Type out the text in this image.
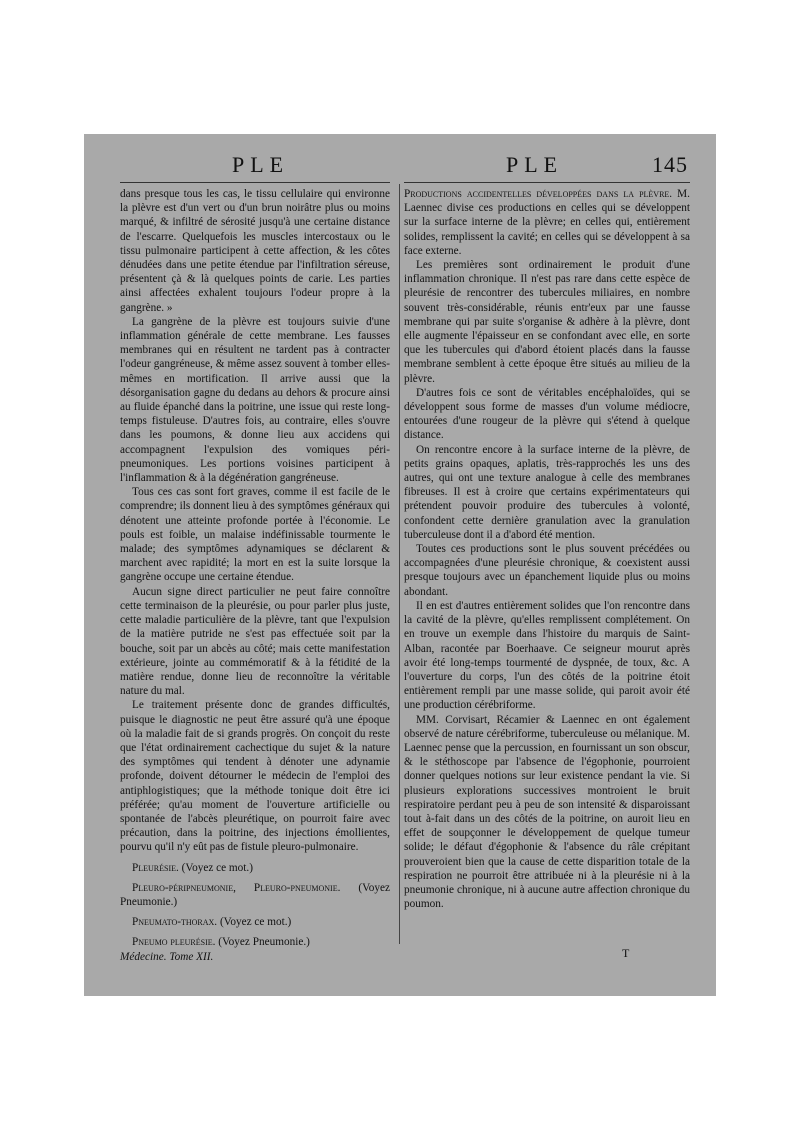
PLE	PLE	145

dans presque tous les cas, le tissu cellulaire qui environne la plèvre est d'un vert ou d'un brun noirâtre plus ou moins marqué, & infiltré de sérosité jusqu'à une certaine distance de l'escarre. Quelquefois les muscles intercostaux ou le tissu pulmonaire participent à cette affection, & les côtes dénudées dans une petite étendue par l'infiltration séreuse, présentent çà & là quelques points de carie. Les parties ainsi affectées exhalent toujours l'odeur propre à la gangrène. »

La gangrène de la plèvre est toujours suivie d'une inflammation générale de cette membrane. Les fausses membranes qui en résultent ne tardent pas à contracter l'odeur gangréneuse, & même assez souvent à tomber elles-mêmes en mortification. Il arrive aussi que la désorganisation gagne du dedans au dehors & procure ainsi au fluide épanché dans la poitrine, une issue qui reste long-temps fistuleuse. D'autres fois, au contraire, elles s'ouvre dans les poumons, & donne lieu aux accidens qui accompagnent l'expulsion des vomiques péri-pneumoniques. Les portions voisines participent à l'inflammation & à la dégénération gangréneuse.

Tous ces cas sont fort graves, comme il est facile de le comprendre; ils donnent lieu à des symptômes généraux qui dénotent une atteinte profonde portée à l'économie. Le pouls est foible, un malaise indéfinissable tourmente le malade; des symptômes adynamiques se déclarent & marchent avec rapidité; la mort en est la suite lorsque la gangrène occupe une certaine étendue.

Aucun signe direct particulier ne peut faire connoître cette terminaison de la pleurésie, ou pour parler plus juste, cette maladie particulière de la plèvre, tant que l'expulsion de la matière putride ne s'est pas effectuée soit par la bouche, soit par un abcès au côté; mais cette manifestation extérieure, jointe au commémoratif & à la fétidité de la matière rendue, donne lieu de reconnoître la véritable nature du mal.

Le traitement présente donc de grandes difficultés, puisque le diagnostic ne peut être assuré qu'à une époque où la maladie fait de si grands progrès. On conçoit du reste que l'état ordinairement cachectique du sujet & la nature des symptômes qui tendent à dénoter une adynamie profonde, doivent détourner le médecin de l'emploi des antiphlogistiques; que la méthode tonique doit être ici préférée; qu'au moment de l'ouverture artificielle ou spontanée de l'abcès pleurétique, on pourroit faire avec précaution, dans la poitrine, des injections émollientes, pourvu qu'il n'y eût pas de fistule pleuro-pulmonaire.

Pleurésie. (Voyez ce mot.)

Pleuro-péripneumonie, Pleuro-pneumonie. (Voyez Pneumonie.)

Pneumato-thorax. (Voyez ce mot.)

Pneumo pleurésie. (Voyez Pneumonie.)

Médecine. Tome XII.

Productions accidentelles développées dans la plèvre. M. Laennec divise ces productions en celles qui se développent sur la surface interne de la plèvre; en celles qui, entièrement solides, remplissent la cavité; en celles qui se développent à sa face externe.

Les premières sont ordinairement le produit d'une inflammation chronique. Il n'est pas rare dans cette espèce de pleurésie de rencontrer des tubercules miliaires, en nombre souvent très-considérable, réunis entr'eux par une fausse membrane qui par suite s'organise & adhère à la plèvre, dont elle augmente l'épaisseur en se confondant avec elle, en sorte que les tubercules qui d'abord étoient placés dans la fausse membrane semblent à cette époque être situés au milieu de la plèvre.

D'autres fois ce sont de véritables encéphaloïdes, qui se développent sous forme de masses d'un volume médiocre, entourées d'une rougeur de la plèvre qui s'étend à quelque distance.

On rencontre encore à la surface interne de la plèvre, de petits grains opaques, aplatis, très-rapprochés les uns des autres, qui ont une texture analogue à celle des membranes fibreuses. Il est à croire que certains expérimentateurs qui prétendent pouvoir produire des tubercules à volonté, confondent cette dernière granulation avec la granulation tuberculeuse dont il a d'abord été mention.

Toutes ces productions sont le plus souvent précédées ou accompagnées d'une pleurésie chronique, & coexistent aussi presque toujours avec un épanchement liquide plus ou moins abondant.

Il en est d'autres entièrement solides que l'on rencontre dans la cavité de la plèvre, qu'elles remplissent complétement. On en trouve un exemple dans l'histoire du marquis de Saint-Alban, racontée par Boerhaave. Ce seigneur mourut après avoir été long-temps tourmenté de dyspnée, de toux, &c. A l'ouverture du corps, l'un des côtés de la poitrine étoit entièrement rempli par une masse solide, qui paroit avoir été une production cérébriforme.

MM. Corvisart, Récamier & Laennec en ont également observé de nature cérébriforme, tuberculeuse ou mélanique. M. Laennec pense que la percussion, en fournissant un son obscur, & le stéthoscope par l'absence de l'égophonie, pourroient donner quelques notions sur leur existence pendant la vie. Si plusieurs explorations successives montroient le bruit respiratoire perdant peu à peu de son intensité & disparoissant tout à-fait dans un des côtés de la poitrine, on auroit lieu en effet de soupçonner le développement de quelque tumeur solide; le défaut d'égophonie & l'absence du râle crépitant prouveroient bien que la cause de cette disparition totale de la respiration ne pourroit être attribuée ni à la pleurésie ni à la pneumonie chronique, ni à aucune autre affection chronique du poumon.

T
